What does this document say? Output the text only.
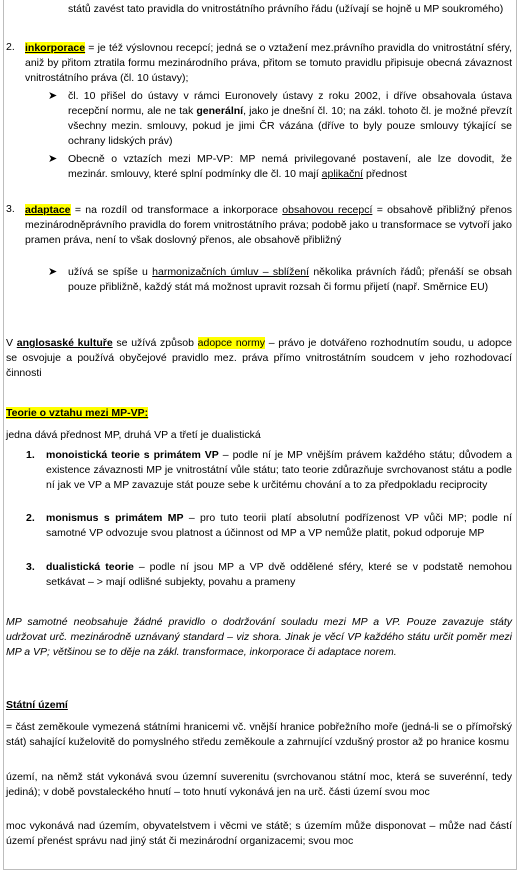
států zavést tato pravidla do vnitrostátního právního řádu (užívají se hojně u MP soukromého)
2. inkorporace = je též výslovnou recepcí; jedná se o vztažení mez.právního pravidla do vnitrostátní sféry, aniž by přitom ztratila formu mezinárodního práva, přitom se tomuto pravidlu připisuje obecná závaznost vnitrostátního práva (čl. 10 ústavy);
➤ čl. 10 přišel do ústavy v rámci Euronovely ústavy z roku 2002, i dříve obsahovala ústava recepční normu, ale ne tak generální, jako je dnešní čl. 10; na zákl. tohoto čl. je možné převzít všechny mezin. smlouvy, pokud je jimi ČR vázána (dříve to byly pouze smlouvy týkající se ochrany lidských práv)
➤ Obecně o vztazích mezi MP-VP: MP nemá privilegované postavení, ale lze dovodit, že mezinár. smlouvy, které splní podmínky dle čl. 10 mají aplikační přednost
3. adaptace = na rozdíl od transformace a inkorporace obsahovou recepcí = obsahově přibližný přenos mezinárodněprávního pravidla do forem vnitrostátního práva; podobě jako u transformace se vytvoří jako pramen práva, není to však doslovný přenos, ale obsahově přibližný
➤ užívá se spíše u harmonizačních úmluv – sblížení několika právních řádů; přenáší se obsah pouze přibližně, každý stát má možnost upravit rozsah či formu přijetí (např. Směrnice EU)
V anglosaské kultuře se užívá způsob adopce normy – právo je dotvářeno rozhodnutím soudu, u adopce se osvojuje a používá obyčejové pravidlo mez. práva přímo vnitrostátním soudcem v jeho rozhodovací činnosti
Teorie o vztahu mezi MP-VP:
jedna dává přednost MP, druhá VP a třetí je dualistická
1.	monoistická teorie s primátem VP – podle ní je MP vnějším právem každého státu; důvodem a existence závaznosti MP je vnitrostátní vůle státu; tato teorie zdůrazňuje svrchovanost státu a podle ní jak ve VP a MP zavazuje stát pouze sebe k určitému chování a to za předpokladu reciprocity
2.	monismus s primátem MP – pro tuto teorii platí absolutní podřízenost VP vůči MP; podle ní samotné VP odvozuje svou platnost a účinnost od MP a VP nemůže platit, pokud odporuje MP
3.	dualistická teorie – podle ní jsou MP a VP dvě oddělené sféry, které se v podstatě nemohou setkávat – > mají odlišné subjekty, povahu a prameny
MP samotné neobsahuje žádné pravidlo o dodržování souladu mezi MP a VP. Pouze zavazuje státy udržovat urč. mezinárodně uznávaný standard – viz shora. Jinak je věcí VP každého státu určit poměr mezi MP a VP; většinou se to děje na zákl. transformace, inkorporace či adaptace norem.
Státní území
= část zeměkoule vymezená státními hranicemi vč. vnější hranice pobřežního moře (jedná-li se o přímořský stát) sahající kuželovitě do pomyslného středu zeměkoule a zahrnující vzdušný prostor až po hranice kosmu
území, na němž stát vykonává svou územní suverenitu (svrchovanou státní moc, která se suverénní, tedy jediná); v době povstaleckého hnutí – toto hnutí vykonává jen na urč. části území svou moc
moc vykonává nad územím, obyvatelstvem i věcmi ve státě; s územím může disponovat – může nad částí území přenést správu nad jiný stát či mezinárodní organizacemi; svou moc
